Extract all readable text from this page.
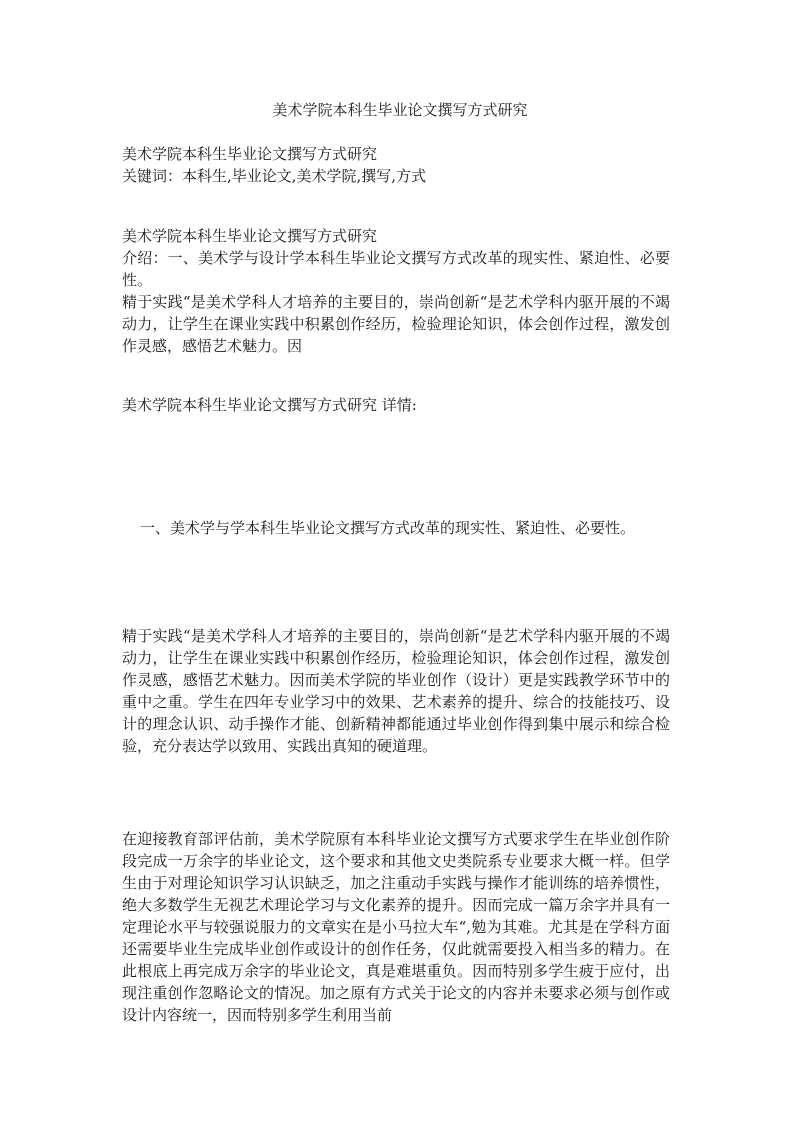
美术学院本科生毕业论文撰写方式研究

美术学院本科生毕业论文撰写方式研究

关键词：本科生,毕业论文,美术学院,撰写,方式

美术学院本科生毕业论文撰写方式研究

介绍：一、美术学与设计学本科生毕业论文撰写方式改革的现实性、紧迫性、必要性。

精于实践“是美术学科人才培养的主要目的，崇尚创新“是艺术学科内驱开展的不竭动力，让学生在课业实践中积累创作经历，检验理论知识，体会创作过程，激发创作灵感，感悟艺术魅力。因

美术学院本科生毕业论文撰写方式研究 详情:

一、美术学与学本科生毕业论文撰写方式改革的现实性、紧迫性、必要性。

精于实践“是美术学科人才培养的主要目的，崇尚创新“是艺术学科内驱开展的不竭动力，让学生在课业实践中积累创作经历，检验理论知识，体会创作过程，激发创作灵感，感悟艺术魅力。因而美术学院的毕业创作（设计）更是实践教学环节中的重中之重。学生在四年专业学习中的效果、艺术素养的提升、综合的技能技巧、设计的理念认识、动手操作才能、创新精神都能通过毕业创作得到集中展示和综合检验，充分表达学以致用、实践出真知的硬道理。

在迎接教育部评估前，美术学院原有本科毕业论文撰写方式要求学生在毕业创作阶段完成一万余字的毕业论文，这个要求和其他文史类院系专业要求大概一样。但学生由于对理论知识学习认识缺乏，加之注重动手实践与操作才能训练的培养惯性，绝大多数学生无视艺术理论学习与文化素养的提升。因而完成一篇万余字并具有一定理论水平与较强说服力的文章实在是小马拉大车“,勉为其难。尤其是在学科方面还需要毕业生完成毕业创作或设计的创作任务，仅此就需要投入相当多的精力。在此根底上再完成万余字的毕业论文，真是难堪重负。因而特别多学生疲于应付，出现注重创作忽略论文的情况。加之原有方式关于论文的内容并未要求必须与创作或设计内容统一，因而特别多学生利用当前
